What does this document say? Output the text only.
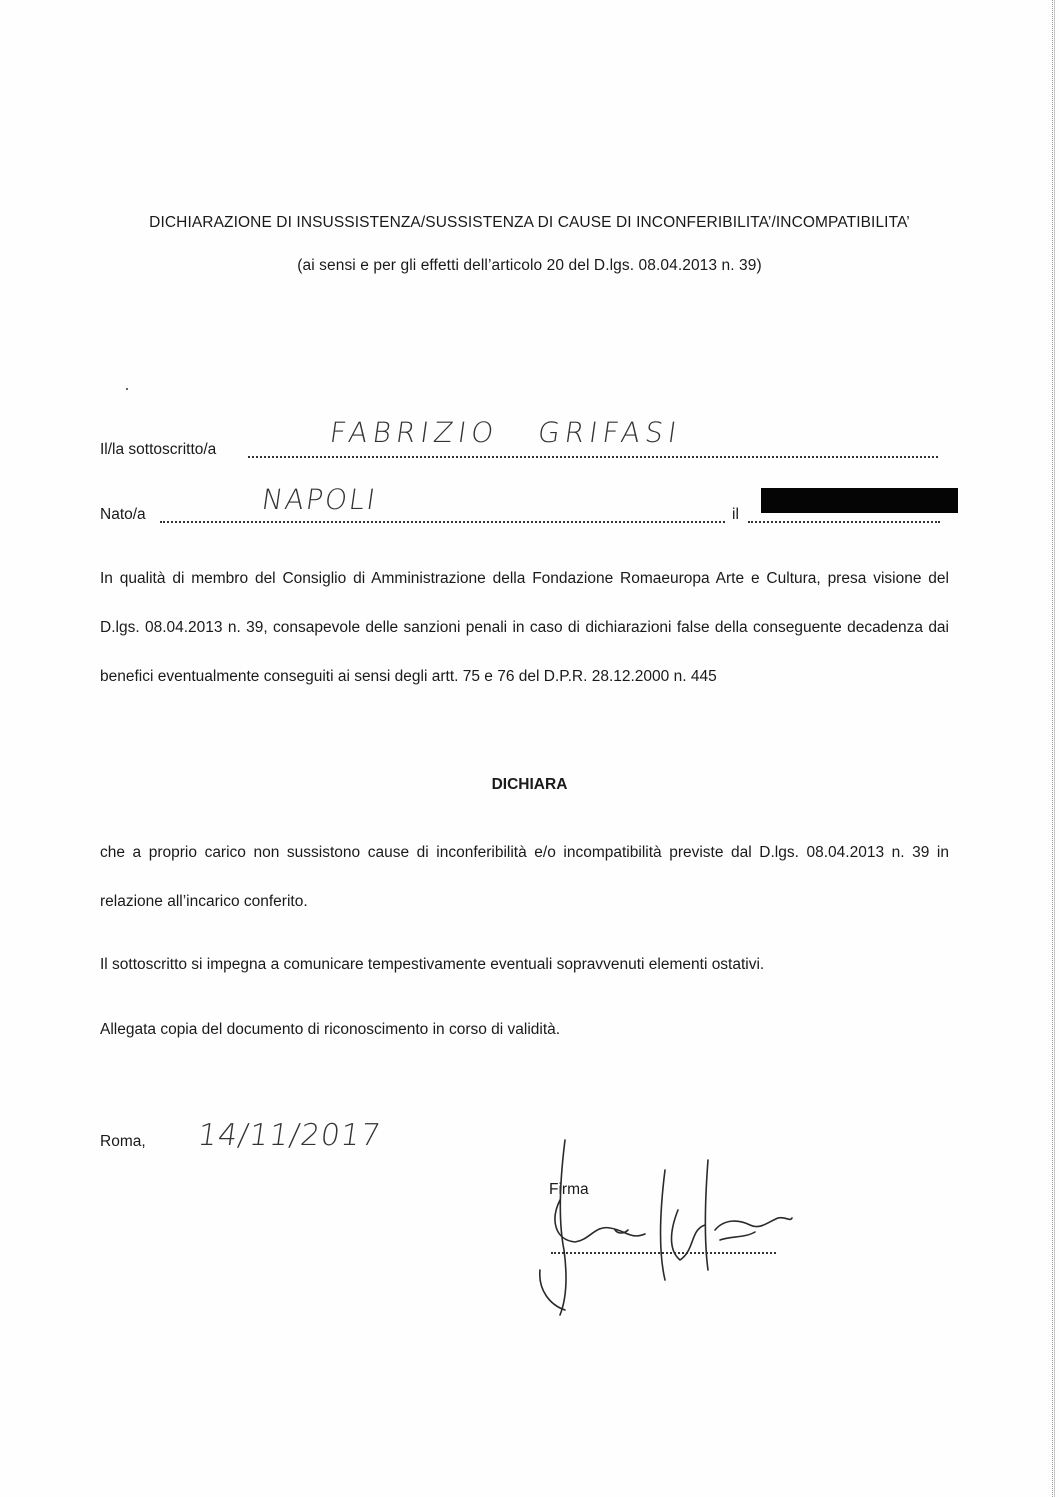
DICHIARAZIONE DI INSUSSISTENZA/SUSSISTENZA DI CAUSE DI INCONFERIBILITA’/INCOMPATIBILITA’
(ai sensi e per gli effetti dell’articolo 20 del D.lgs. 08.04.2013 n. 39)
Il/la sottoscritto/a
FABRIZIO GRIFASI
Nato/a	NAPOLI	il
In qualità di membro del Consiglio di Amministrazione della Fondazione Romaeuropa Arte e Cultura, presa visione del D.lgs. 08.04.2013 n. 39, consapevole delle sanzioni penali in caso di dichiarazioni false della conseguente decadenza dai benefici eventualmente conseguiti ai sensi degli artt. 75 e 76 del D.P.R. 28.12.2000 n. 445
DICHIARA
che a proprio carico non sussistono cause di inconferibilità e/o incompatibilità previste dal D.lgs. 08.04.2013 n. 39 in relazione all’incarico conferito.
Il sottoscritto si impegna a comunicare tempestivamente eventuali sopravvenuti elementi ostativi.
Allegata copia del documento di riconoscimento in corso di validità.
Roma, 14/11/2017
Firma
